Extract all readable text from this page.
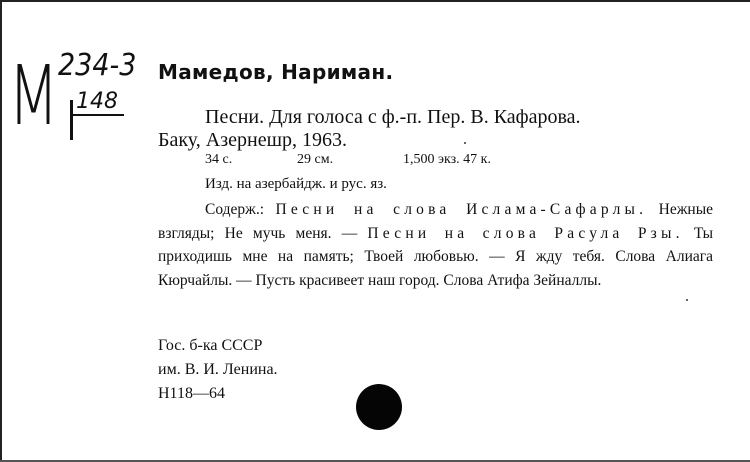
M 234-3
148
Мамедов, Нариман.
Песни. Для голоса с ф.-п. Пер. В. Кафарова.
Баку, Азернешр, 1963.
34 с.	29 см.	1,500 экз. 47 к.
Изд. на азербайдж. и рус. яз.
Содерж.: Песни на слова Ислама-Сафарлы. Нежные взгляды; Не мучь меня. — Песни на слова Расула Рзы. Ты приходишь мне на память; Твоей любовью. — Я жду тебя. Слова Алиага Кюрчайлы. — Пусть красивеет наш город. Слова Атифа Зейналлы.
Гос. б-ка СССР
им. В. И. Ленина.
Н118—64
